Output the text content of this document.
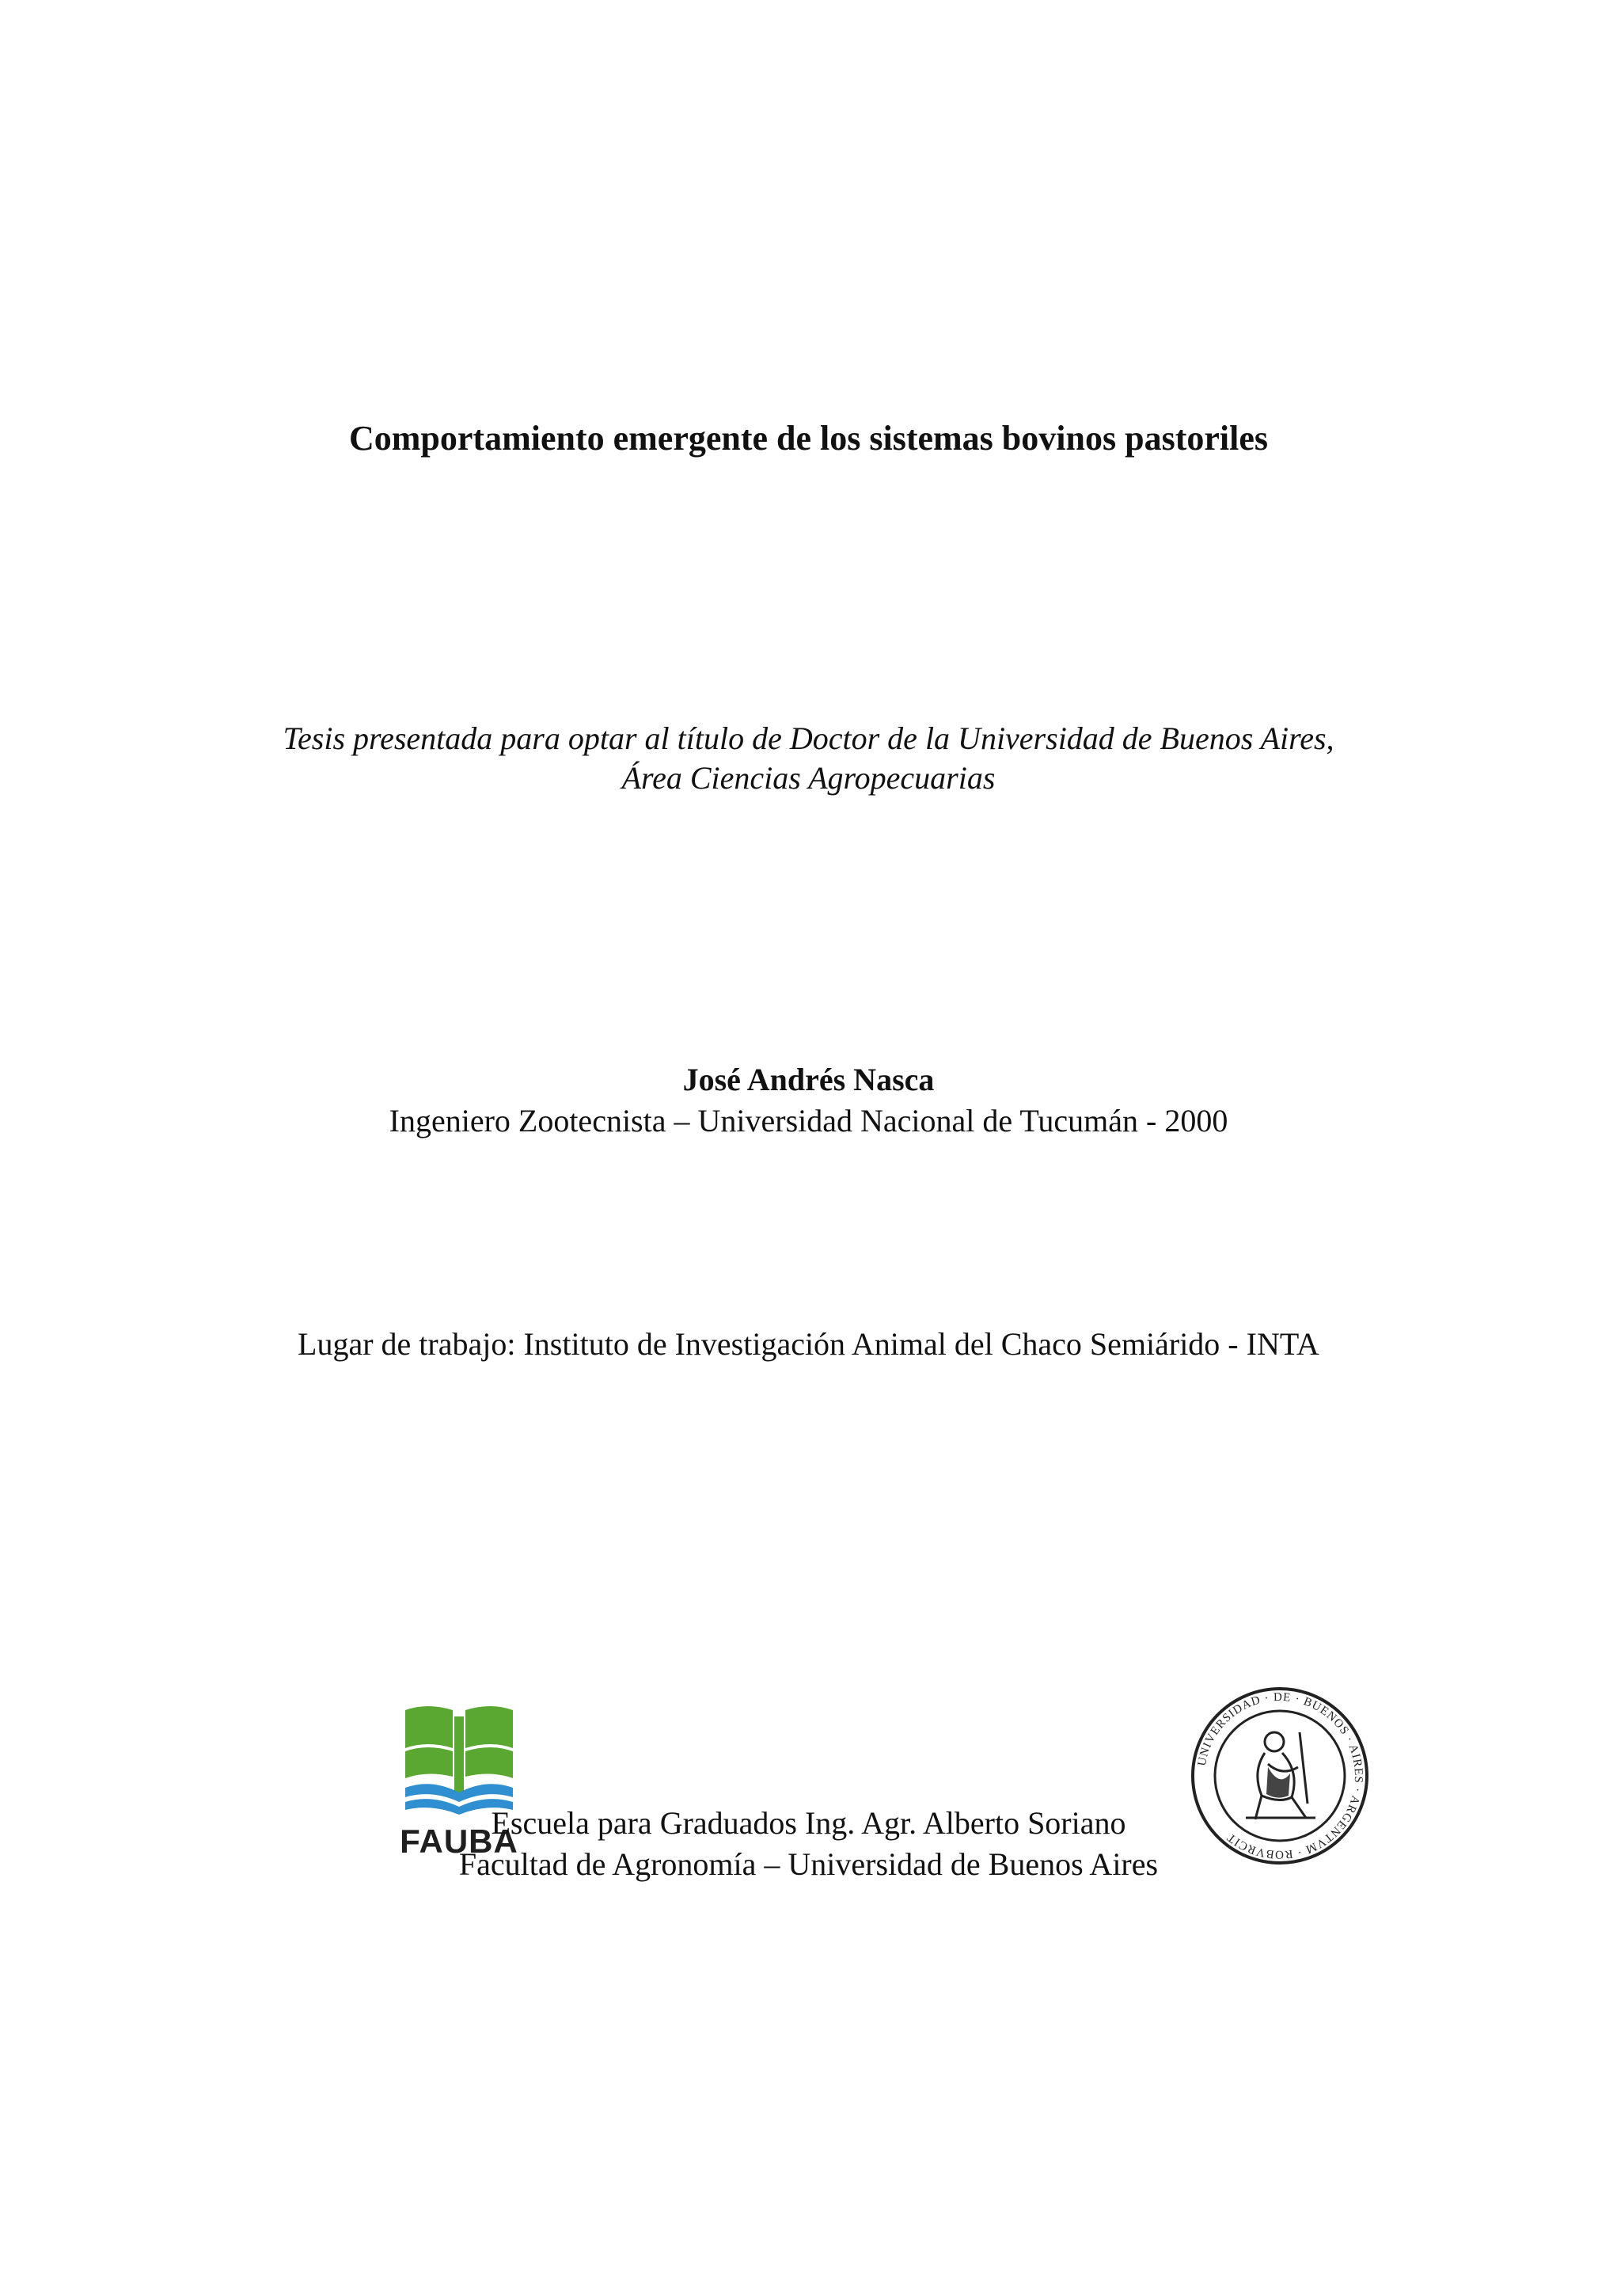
Comportamiento emergente de los sistemas bovinos pastoriles
Tesis presentada para optar al título de Doctor de la Universidad de Buenos Aires,
Área Ciencias Agropecuarias
José Andrés Nasca
Ingeniero Zootecnista – Universidad Nacional de Tucumán - 2000
Lugar de trabajo: Instituto de Investigación Animal del Chaco Semiárido - INTA
FAUBA
UNIVERSIDAD · DE · BUENOS · AIRES · ARGENTVM · ROBVRCIT
Escuela para Graduados Ing. Agr. Alberto Soriano
Facultad de Agronomía – Universidad de Buenos Aires
